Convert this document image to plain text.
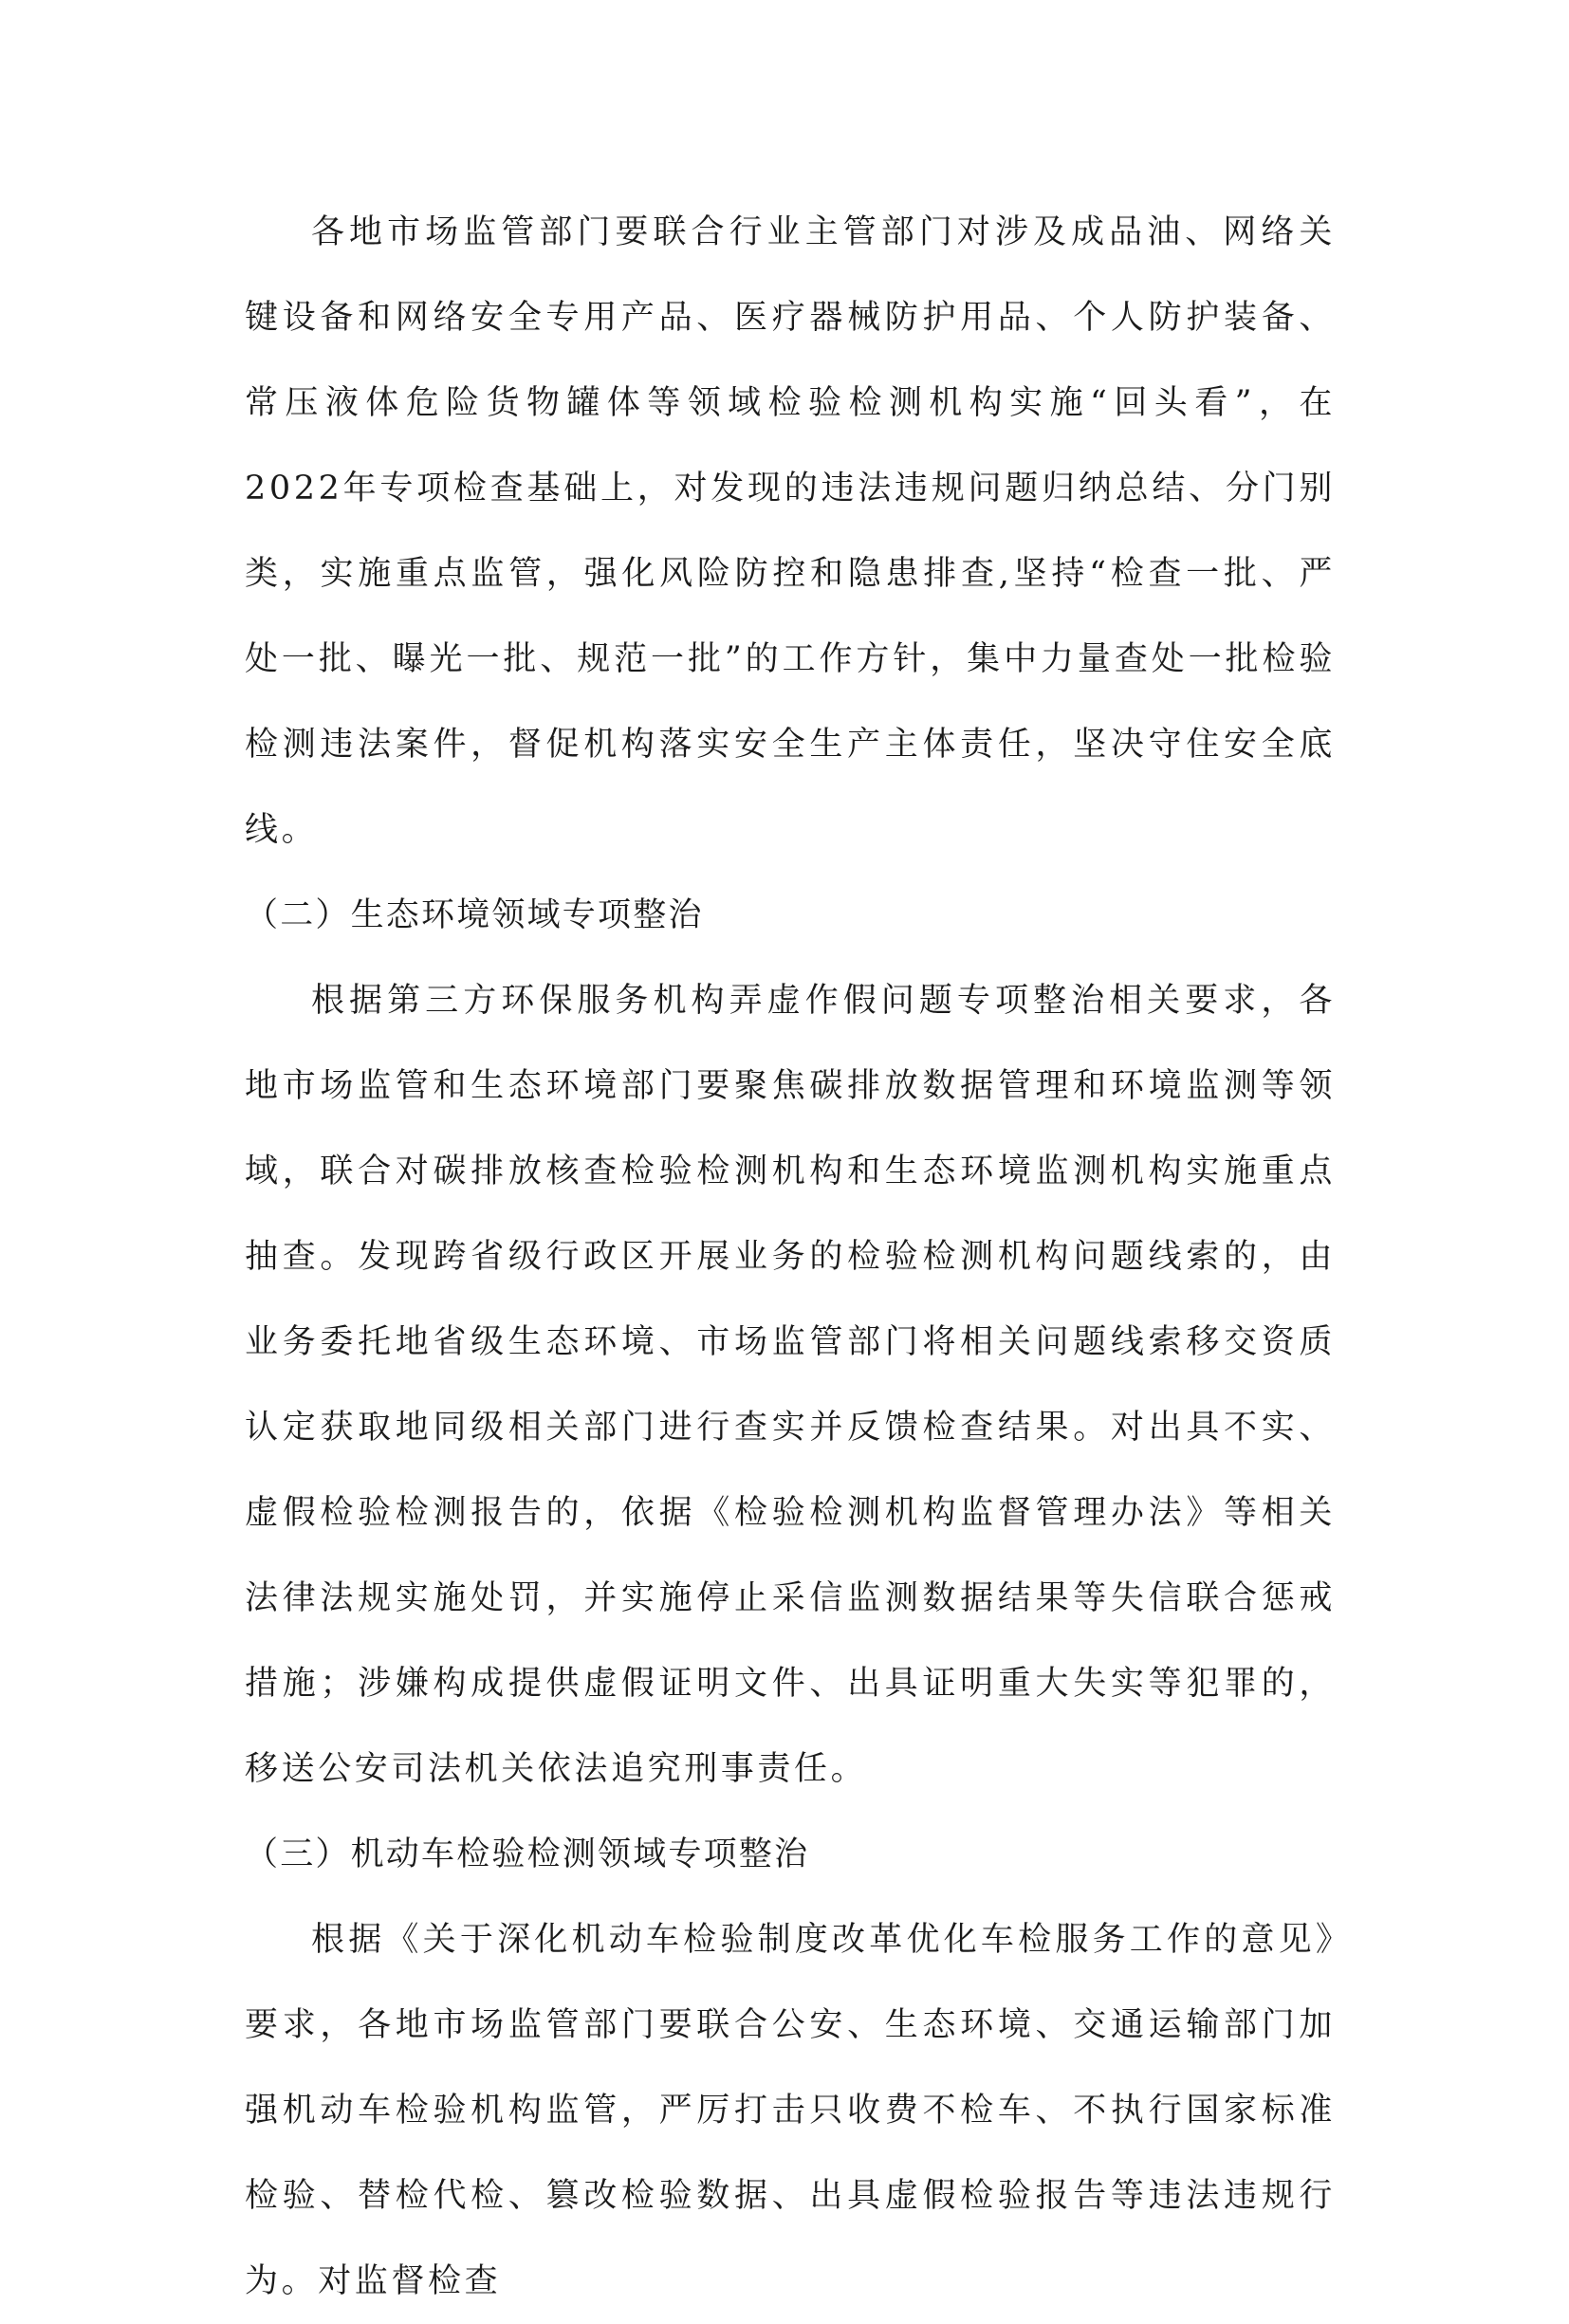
各地市场监管部门要联合行业主管部门对涉及成品油、网络关键设备和网络安全专用产品、医疗器械防护用品、个人防护装备、常压液体危险货物罐体等领域检验检测机构实施“回头看”，在2022年专项检查基础上，对发现的违法违规问题归纳总结、分门别类，实施重点监管，强化风险防控和隐患排查,坚持“检查一批、严处一批、曝光一批、规范一批”的工作方针，集中力量查处一批检验检测违法案件，督促机构落实安全生产主体责任，坚决守住安全底线。

（二）生态环境领域专项整治

根据第三方环保服务机构弄虚作假问题专项整治相关要求，各地市场监管和生态环境部门要聚焦碳排放数据管理和环境监测等领域，联合对碳排放核查检验检测机构和生态环境监测机构实施重点抽查。发现跨省级行政区开展业务的检验检测机构问题线索的，由业务委托地省级生态环境、市场监管部门将相关问题线索移交资质认定获取地同级相关部门进行查实并反馈检查结果。对出具不实、虚假检验检测报告的，依据《检验检测机构监督管理办法》等相关法律法规实施处罚，并实施停止采信监测数据结果等失信联合惩戒措施；涉嫌构成提供虚假证明文件、出具证明重大失实等犯罪的，移送公安司法机关依法追究刑事责任。

（三）机动车检验检测领域专项整治

根据《关于深化机动车检验制度改革优化车检服务工作的意见》要求，各地市场监管部门要联合公安、生态环境、交通运输部门加强机动车检验机构监管，严厉打击只收费不检车、不执行国家标准检验、替检代检、篡改检验数据、出具虚假检验报告等违法违规行为。对监督检查
